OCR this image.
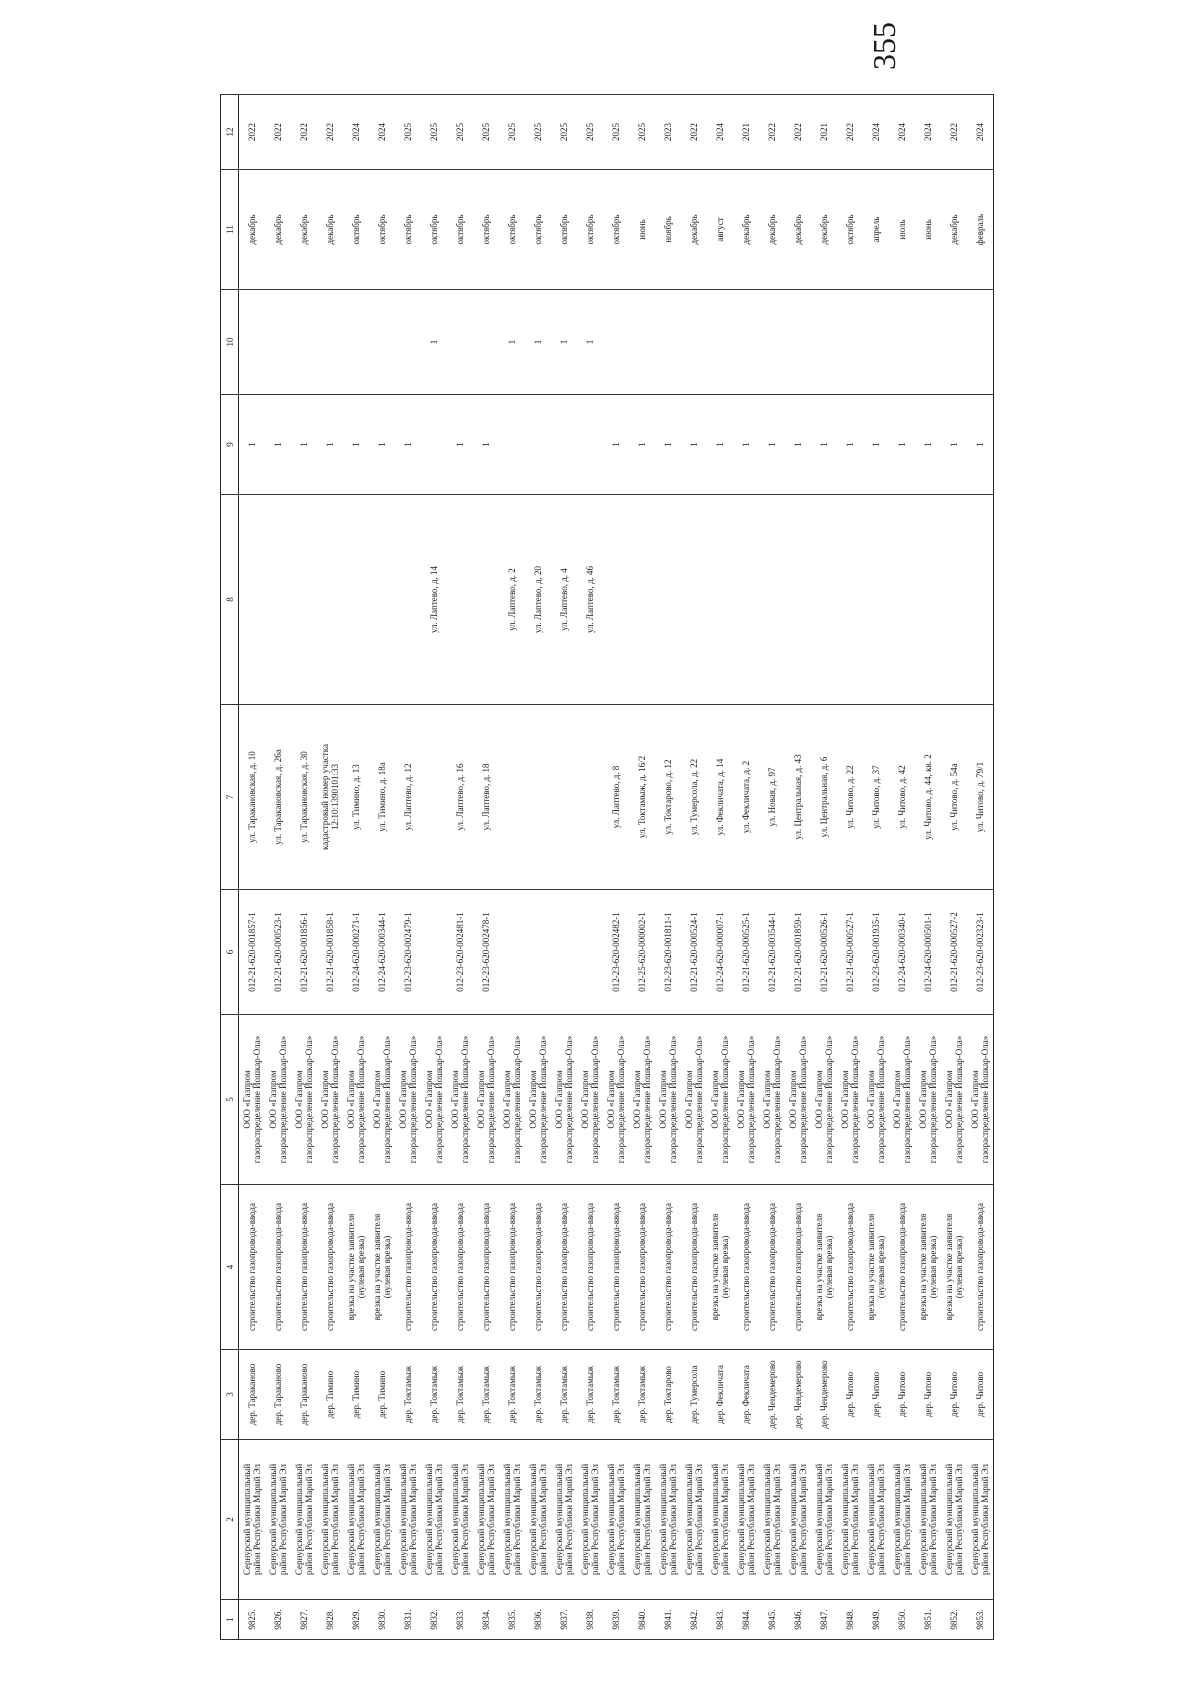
355
1	2	3	4	5	6	7	8	9	10	11	12
9825.	Сернурский муниципальный район Республики Марий Эл	дер. Тараканово	строительство газопровода-ввода	ООО «Газпром газораспределение Йошкар-Ола»	012-21-620-001857-1	ул. Таракановская, д. 10		1		декабрь	2022
9826.	Сернурский муниципальный район Республики Марий Эл	дер. Тараканово	строительство газопровода-ввода	ООО «Газпром газораспределение Йошкар-Ола»	012-21-620-000523-1	ул. Таракановская, д. 26а		1		декабрь	2022
9827.	Сернурский муниципальный район Республики Марий Эл	дер. Тараканово	строительство газопровода-ввода	ООО «Газпром газораспределение Йошкар-Ола»	012-21-620-001856-1	ул. Таракановская, д. 30		1		декабрь	2022
9828.	Сернурский муниципальный район Республики Марий Эл	дер. Тимино	строительство газопровода-ввода	ООО «Газпром газораспределение Йошкар-Ола»	012-21-620-001858-1	кадастровый номер участка 12:10:1390101:33		1		декабрь	2022
9829.	Сернурский муниципальный район Республики Марий Эл	дер. Тимино	врезка на участке заявителя (нулевая врезка)	ООО «Газпром газораспределение Йошкар-Ола»	012-24-620-000271-1	ул. Тимино, д. 13		1		октябрь	2024
9830.	Сернурский муниципальный район Республики Марий Эл	дер. Тимино	врезка на участке заявителя (нулевая врезка)	ООО «Газпром газораспределение Йошкар-Ола»	012-24-620-000344-1	ул. Тимино, д. 18а		1		октябрь	2024
9831.	Сернурский муниципальный район Республики Марий Эл	дер. Токтамыж	строительство газопровода-ввода	ООО «Газпром газораспределение Йошкар-Ола»	012-23-620-002479-1	ул. Лаптево, д. 12		1		октябрь	2025
9832.	Сернурский муниципальный район Республики Марий Эл	дер. Токтамыж	строительство газопровода-ввода	ООО «Газпром газораспределение Йошкар-Ола»			ул. Лаптево, д. 14		1	октябрь	2025
9833.	Сернурский муниципальный район Республики Марий Эл	дер. Токтамыж	строительство газопровода-ввода	ООО «Газпром газораспределение Йошкар-Ола»	012-23-620-002481-1	ул. Лаптево, д. 16		1		октябрь	2025
9834.	Сернурский муниципальный район Республики Марий Эл	дер. Токтамыж	строительство газопровода-ввода	ООО «Газпром газораспределение Йошкар-Ола»	012-23-620-002478-1	ул. Лаптево, д. 18		1		октябрь	2025
9835.	Сернурский муниципальный район Республики Марий Эл	дер. Токтамыж	строительство газопровода-ввода	ООО «Газпром газораспределение Йошкар-Ола»			ул. Лаптево, д. 2		1	октябрь	2025
9836.	Сернурский муниципальный район Республики Марий Эл	дер. Токтамыж	строительство газопровода-ввода	ООО «Газпром газораспределение Йошкар-Ола»			ул. Лаптево, д. 20		1	октябрь	2025
9837.	Сернурский муниципальный район Республики Марий Эл	дер. Токтамыж	строительство газопровода-ввода	ООО «Газпром газораспределение Йошкар-Ола»			ул. Лаптево, д. 4		1	октябрь	2025
9838.	Сернурский муниципальный район Республики Марий Эл	дер. Токтамыж	строительство газопровода-ввода	ООО «Газпром газораспределение Йошкар-Ола»			ул. Лаптево, д. 46		1	октябрь	2025
9839.	Сернурский муниципальный район Республики Марий Эл	дер. Токтамыж	строительство газопровода-ввода	ООО «Газпром газораспределение Йошкар-Ола»	012-23-620-002482-1	ул. Лаптево, д. 8		1		октябрь	2025
9840.	Сернурский муниципальный район Республики Марий Эл	дер. Токтамыж	строительство газопровода-ввода	ООО «Газпром газораспределение Йошкар-Ола»	012-25-620-000002-1	ул. Токтамыж, д. 16/2		1		июнь	2025
9841.	Сернурский муниципальный район Республики Марий Эл	дер. Токтарово	строительство газопровода-ввода	ООО «Газпром газораспределение Йошкар-Ола»	012-23-620-001811-1	ул. Токтарово, д. 12		1		ноябрь	2023
9842.	Сернурский муниципальный район Республики Марий Эл	дер. Тумерсола	строительство газопровода-ввода	ООО «Газпром газораспределение Йошкар-Ола»	012-21-620-000524-1	ул. Тумерсола, д. 22		1		декабрь	2022
9843.	Сернурский муниципальный район Республики Марий Эл	дер. Фекличата	врезка на участке заявителя (нулевая врезка)	ООО «Газпром газораспределение Йошкар-Ола»	012-24-620-000007-1	ул. Фекличата, д. 14		1		август	2024
9844.	Сернурский муниципальный район Республики Марий Эл	дер. Фекличата	строительство газопровода-ввода	ООО «Газпром газораспределение Йошкар-Ола»	012-21-620-000525-1	ул. Фекличата, д. 2		1		декабрь	2021
9845.	Сернурский муниципальный район Республики Марий Эл	дер. Чендемерово	строительство газопровода-ввода	ООО «Газпром газораспределение Йошкар-Ола»	012-21-620-003544-1	ул. Новая, д. 97		1		декабрь	2022
9846.	Сернурский муниципальный район Республики Марий Эл	дер. Чендемерово	строительство газопровода-ввода	ООО «Газпром газораспределение Йошкар-Ола»	012-21-620-001859-1	ул. Центральная, д. 43		1		декабрь	2022
9847.	Сернурский муниципальный район Республики Марий Эл	дер. Чендемерово	врезка на участке заявителя (нулевая врезка)	ООО «Газпром газораспределение Йошкар-Ола»	012-21-620-000526-1	ул. Центральная, д. 6		1		декабрь	2021
9848.	Сернурский муниципальный район Республики Марий Эл	дер. Читово	строительство газопровода-ввода	ООО «Газпром газораспределение Йошкар-Ола»	012-21-620-000527-1	ул. Читово, д. 22		1		октябрь	2022
9849.	Сернурский муниципальный район Республики Марий Эл	дер. Читово	врезка на участке заявителя (нулевая врезка)	ООО «Газпром газораспределение Йошкар-Ола»	012-23-620-001935-1	ул. Читово, д. 37		1		апрель	2024
9850.	Сернурский муниципальный район Республики Марий Эл	дер. Читово	строительство газопровода-ввода	ООО «Газпром газораспределение Йошкар-Ола»	012-24-620-000340-1	ул. Читово, д. 42		1		июль	2024
9851.	Сернурский муниципальный район Республики Марий Эл	дер. Читово	врезка на участке заявителя (нулевая врезка)	ООО «Газпром газораспределение Йошкар-Ола»	012-24-620-000501-1	ул. Читово, д. 44, кв. 2		1		июнь	2024
9852.	Сернурский муниципальный район Республики Марий Эл	дер. Читово	врезка на участке заявителя (нулевая врезка)	ООО «Газпром газораспределение Йошкар-Ола»	012-21-620-000527-2	ул. Читово, д. 54а		1		декабрь	2022
9853.	Сернурский муниципальный район Республики Марий Эл	дер. Читово	строительство газопровода-ввода	ООО «Газпром газораспределение Йошкар-Ола»	012-23-620-002323-1	ул. Читово, д. 79/1		1		февраль	2024
